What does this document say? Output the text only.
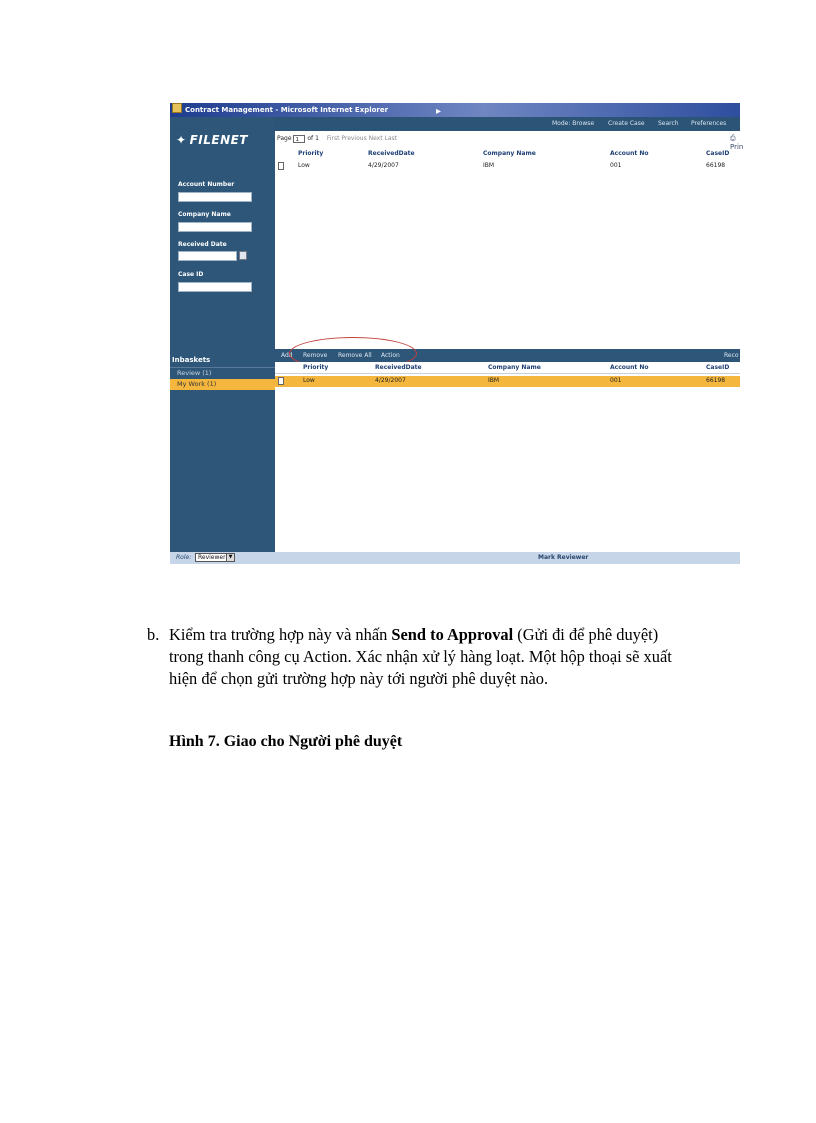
Contract Management - Microsoft Internet Explorer	▸
✦ FILENET
Account Number
Company Name
Received Date
Case ID
Inbaskets
Review (1)
My Work (1)
Mode: Browse Create Case Search Preferences
Page 1 of 1 First Previous Next Last	⎙ Prin
Priority	ReceivedDate	Company Name	Account No	CaseID
Low	4/29/2007	IBM	001	66198
Add Remove Remove All Action	Reco
Priority	ReceivedDate	Company Name	Account No	CaseID
Low	4/29/2007	IBM	001	66198
Role:	Reviewer ▼	Mark Reviewer
b. Kiểm tra trường hợp này và nhấn Send to Approval (Gửi đi để phê duyệt) trong thanh công cụ Action. Xác nhận xử lý hàng loạt. Một hộp thoại sẽ xuất hiện để chọn gửi trường hợp này tới người phê duyệt nào.
Hình 7. Giao cho Người phê duyệt
